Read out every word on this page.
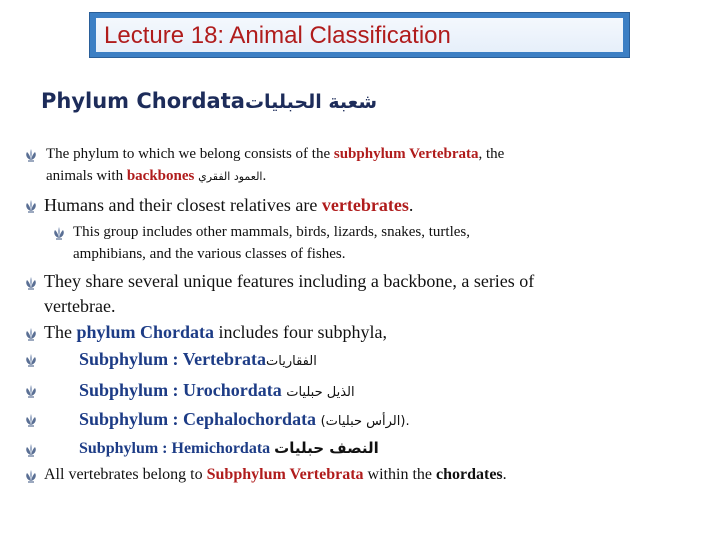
Lecture 18: Animal Classification
Phylum Chordataشعبة الحبليات
The phylum to which we belong consists of the subphylum Vertebrata, the
animals with backbones العمود الفقري.
Humans and their closest relatives are vertebrates.
This group includes other mammals, birds, lizards, snakes, turtles,
amphibians, and the various classes of fishes.
They share several unique features including a backbone, a series of
vertebrae.
The phylum Chordata includes four subphyla,
Subphylum : Vertebrataالفقاريات
Subphylum : Urochordata الذيل حبليات
Subphylum : Cephalochordata (الرأس حبليات).
Subphylum : Hemichordata النصف حبليات
All vertebrates belong to Subphylum Vertebrata within the chordates.
